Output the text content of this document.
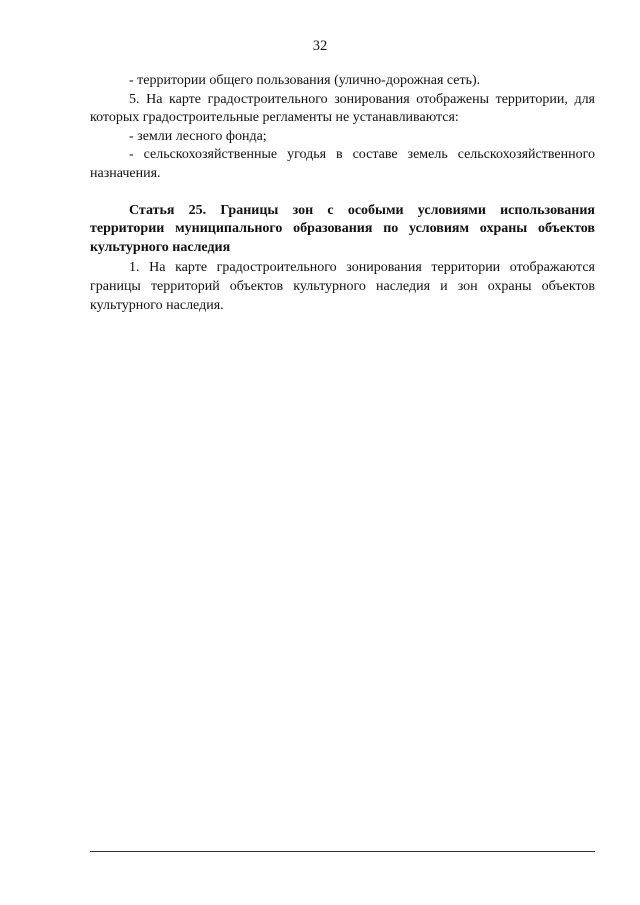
32

- территории общего пользования (улично-дорожная сеть).

5. На карте градостроительного зонирования отображены территории, для которых градостроительные регламенты не устанавливаются:

- земли лесного фонда;

- сельскохозяйственные угодья в составе земель сельскохозяйственного назначения.

Статья 25. Границы зон с особыми условиями использования территории муниципального образования по условиям охраны объектов культурного наследия

1. На карте градостроительного зонирования территории отображаются границы территорий объектов культурного наследия и зон охраны объектов культурного наследия.
